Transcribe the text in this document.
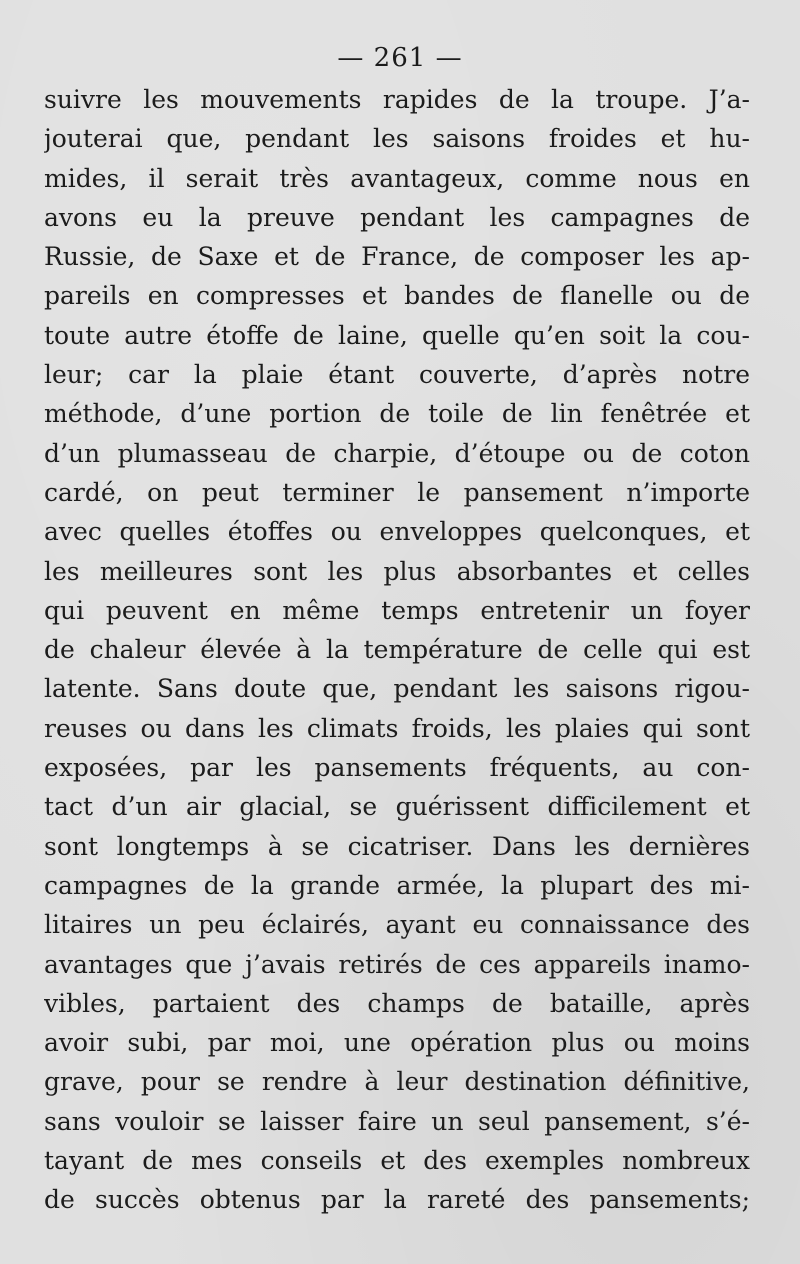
— 261 —
suivre les mouvements rapides de la troupe. J’a-
jouterai que, pendant les saisons froides et hu-
mides, il serait très avantageux, comme nous en
avons eu la preuve pendant les campagnes de
Russie, de Saxe et de France, de composer les ap-
pareils en compresses et bandes de flanelle ou de
toute autre étoffe de laine, quelle qu’en soit la cou-
leur; car la plaie étant couverte, d’après notre
méthode, d’une portion de toile de lin fenêtrée et
d’un plumasseau de charpie, d’étoupe ou de coton
cardé, on peut terminer le pansement n’importe
avec quelles étoffes ou enveloppes quelconques, et
les meilleures sont les plus absorbantes et celles
qui peuvent en même temps entretenir un foyer
de chaleur élevée à la température de celle qui est
latente. Sans doute que, pendant les saisons rigou-
reuses ou dans les climats froids, les plaies qui sont
exposées, par les pansements fréquents, au con-
tact d’un air glacial, se guérissent difficilement et
sont longtemps à se cicatriser. Dans les dernières
campagnes de la grande armée, la plupart des mi-
litaires un peu éclairés, ayant eu connaissance des
avantages que j’avais retirés de ces appareils inamo-
vibles, partaient des champs de bataille, après
avoir subi, par moi, une opération plus ou moins
grave, pour se rendre à leur destination définitive,
sans vouloir se laisser faire un seul pansement, s’é-
tayant de mes conseils et des exemples nombreux
de succès obtenus par la rareté des pansements;
